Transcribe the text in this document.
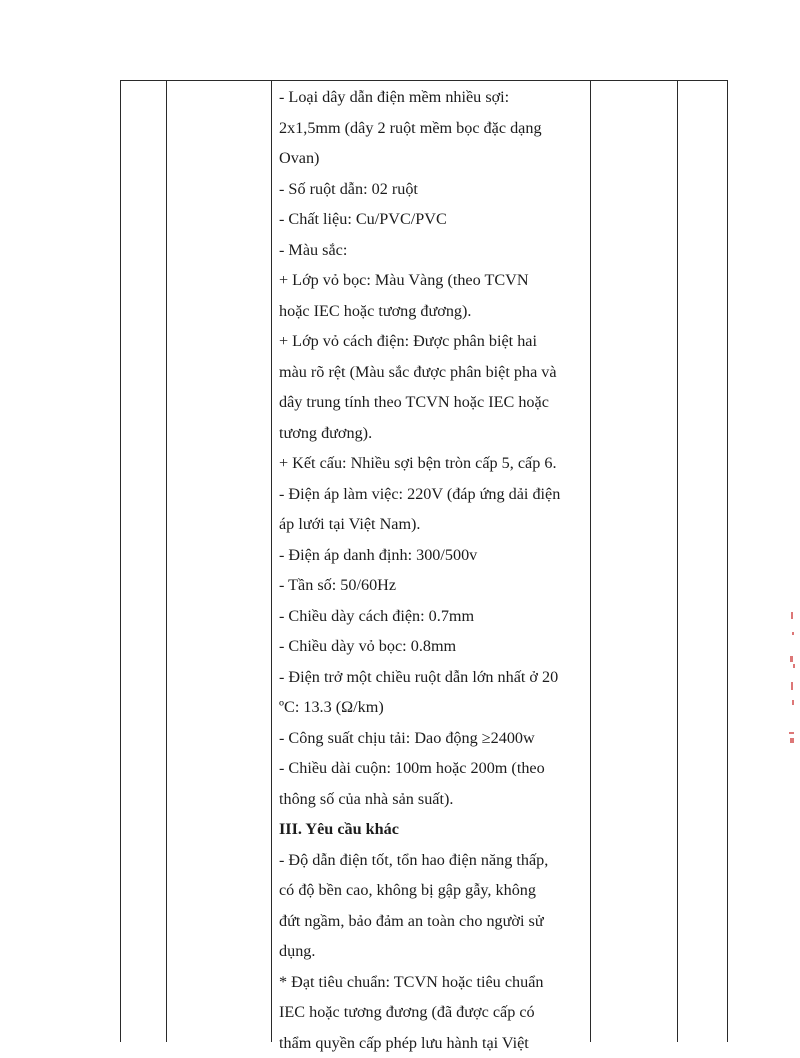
- Loại dây dẫn điện mềm nhiều sợi:
2x1,5mm (dây 2 ruột mềm bọc đặc dạng
Ovan)
- Số ruột dẫn: 02 ruột
- Chất liệu: Cu/PVC/PVC
- Màu sắc:
+ Lớp vỏ bọc: Màu Vàng (theo TCVN
hoặc IEC hoặc tương đương).
+ Lớp vỏ cách điện: Được phân biệt hai
màu rõ rệt (Màu sắc được phân biệt pha và
dây trung tính theo TCVN hoặc IEC hoặc
tương đương).
+ Kết cấu: Nhiều sợi bện tròn cấp 5, cấp 6.
- Điện áp làm việc: 220V (đáp ứng dải điện
áp lưới tại Việt Nam).
- Điện áp danh định: 300/500v
- Tần số: 50/60Hz
- Chiều dày cách điện: 0.7mm
- Chiều dày vỏ bọc: 0.8mm
- Điện trở một chiều ruột dẫn lớn nhất ở 20
ºC: 13.3 (Ω/km)
- Công suất chịu tải: Dao động ≥2400w
- Chiều dài cuộn: 100m hoặc 200m (theo
thông số của nhà sản suất).
III. Yêu cầu khác
- Độ dẫn điện tốt, tổn hao điện năng thấp,
có độ bền cao, không bị gập gẫy, không
đứt ngầm, bảo đảm an toàn cho người sử
dụng.
* Đạt tiêu chuẩn: TCVN hoặc tiêu chuẩn
IEC hoặc tương đương (đã được cấp có
thẩm quyền cấp phép lưu hành tại Việt
